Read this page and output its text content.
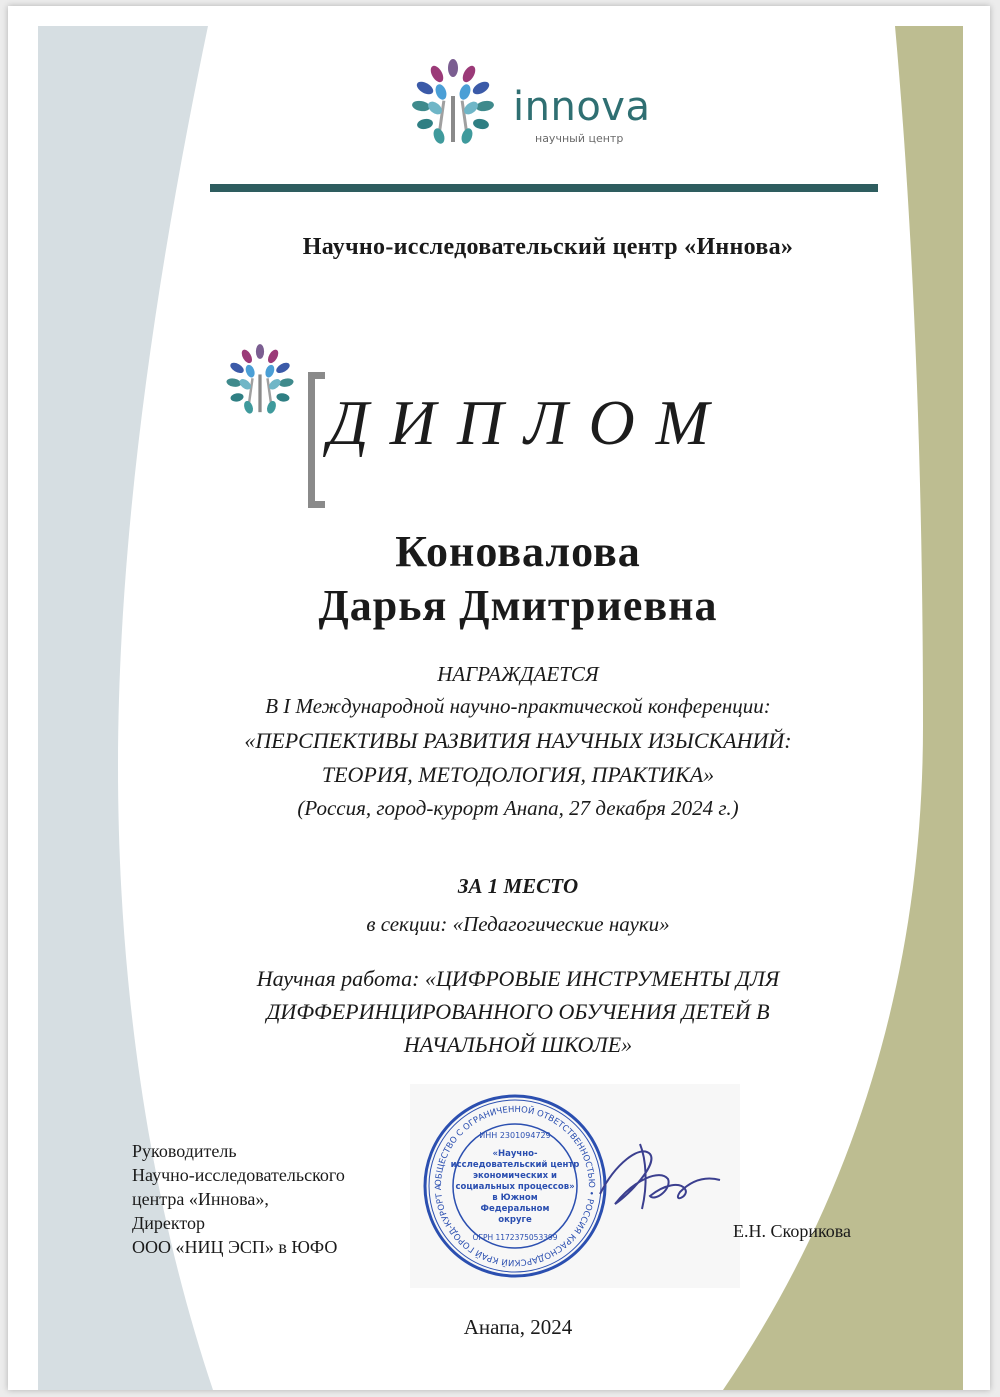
innova
научный центр
Научно-исследовательский центр «Иннова»
ДИПЛОМ
Коновалова
Дарья Дмитриевна
НАГРАЖДАЕТСЯ
В I Международной научно-практической конференции:
«ПЕРСПЕКТИВЫ РАЗВИТИЯ НАУЧНЫХ ИЗЫСКАНИЙ:
ТЕОРИЯ, МЕТОДОЛОГИЯ, ПРАКТИКА»
(Россия, город-курорт Анапа, 27 декабря 2024 г.)
ЗА 1 МЕСТО
в секции: «Педагогические науки»
Научная работа: «ЦИФРОВЫЕ ИНСТРУМЕНТЫ ДЛЯ
ДИФФЕРИНЦИРОВАННОГО ОБУЧЕНИЯ ДЕТЕЙ В
НАЧАЛЬНОЙ ШКОЛЕ»
Руководитель
Научно-исследовательского
центра «Иннова»,
Директор
ООО «НИЦ ЭСП» в ЮФО
ОБЩЕСТВО С ОГРАНИЧЕННОЙ ОТВЕТСТВЕННОСТЬЮ • РОССИЯ КРАСНОДАРСКИЙ КРАЙ ГОРОД-КУРОРТ А
ИНН 2301094729
ОГРН 1172375053399
«Научно-
исследовательский центр
экономических и
социальных процессов»
в Южном
Федеральном
округе
Е.Н. Скорикова
Анапа, 2024
